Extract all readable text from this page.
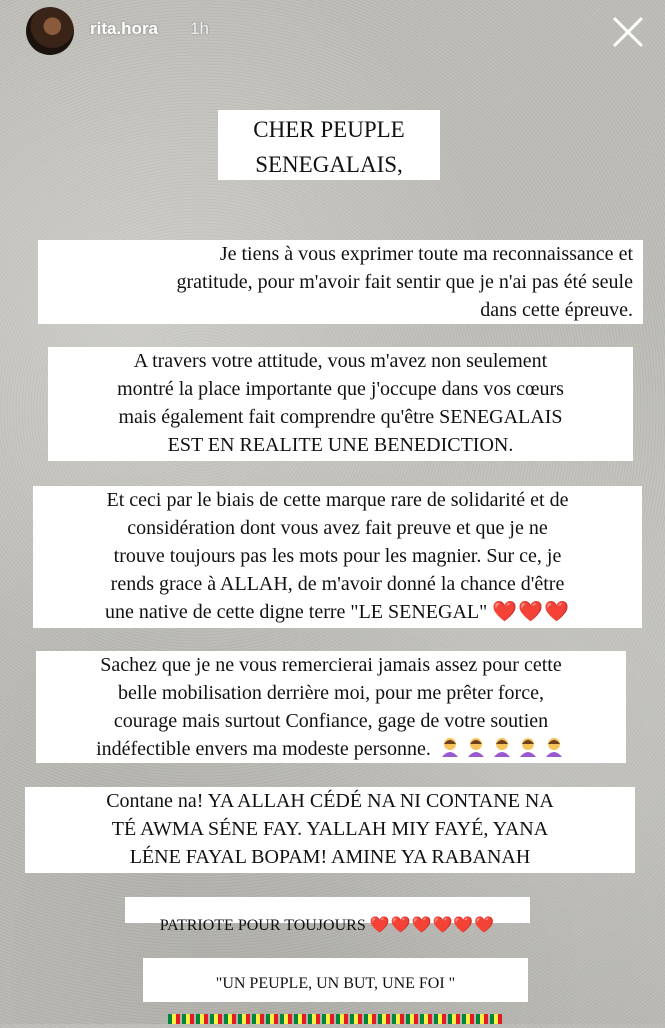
rita.hora 1h

CHER PEUPLE

SENEGALAIS,

Je tiens à vous exprimer toute ma reconnaissance et

gratitude, pour m'avoir fait sentir que je n'ai pas été seule

dans cette épreuve.

A travers votre attitude, vous m'avez non seulement

montré la place importante que j'occupe dans vos cœurs

mais également fait comprendre qu'être SENEGALAIS

EST EN REALITE UNE BENEDICTION.

Et ceci par le biais de cette marque rare de solidarité et de

considération dont vous avez fait preuve et que je ne

trouve toujours pas les mots pour les magnier. Sur ce, je

rends grace à ALLAH, de m'avoir donné la chance d'être

une native de cette digne terre "LE SENEGAL" ❤️❤️❤️

Sachez que je ne vous remercierai jamais assez pour cette

belle mobilisation derrière moi, pour me prêter force,

courage mais surtout Confiance, gage de votre soutien

indéfectible envers ma modeste personne.

Contane na! YA ALLAH CÉDÉ NA NI CONTANE NA

TÉ AWMA SÉNE FAY. YALLAH MIY FAYÉ, YANA

LÉNE FAYAL BOPAM! AMINE YA RABANAH

PATRIOTE POUR TOUJOURS ❤️❤️❤️❤️❤️❤️

"UN PEUPLE, UN BUT, UNE FOI "
